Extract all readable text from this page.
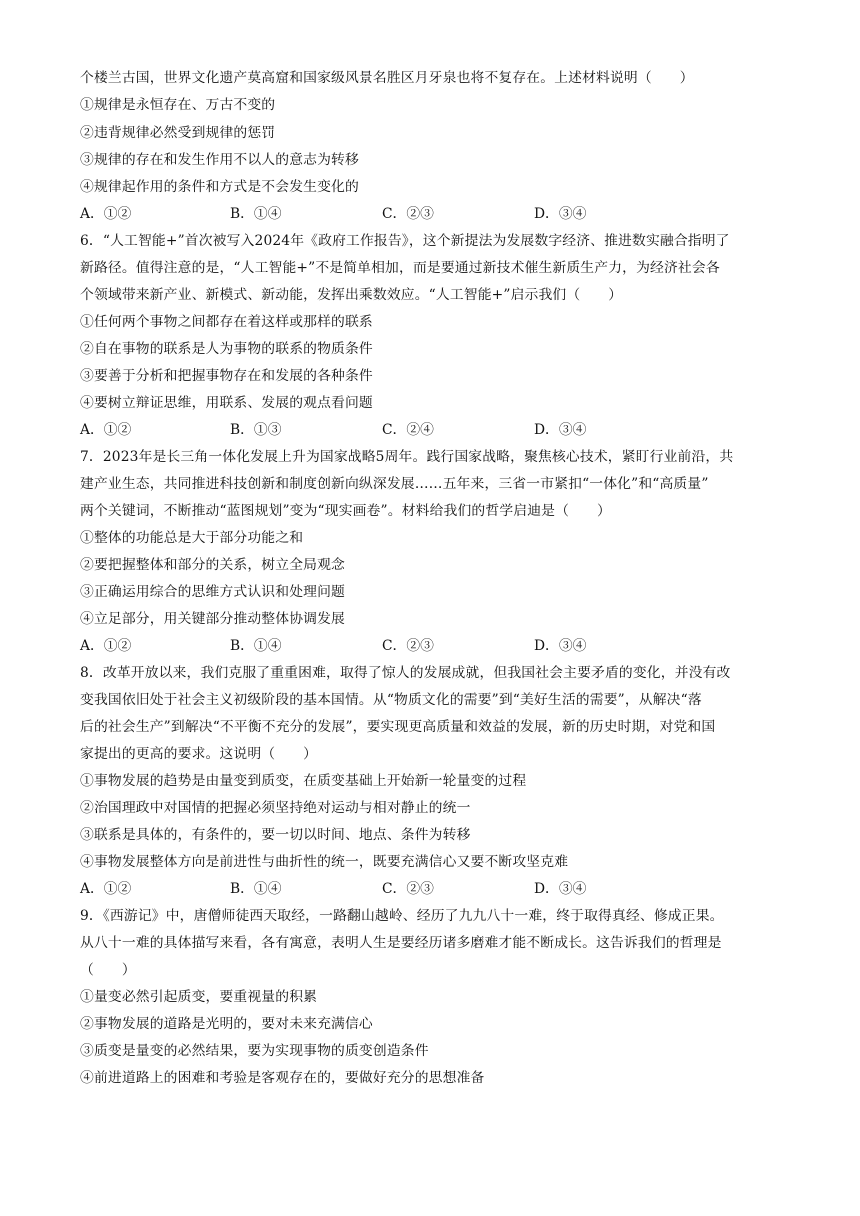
个楼兰古国，世界文化遗产莫高窟和国家级风景名胜区月牙泉也将不复存在。上述材料说明（　　）
①规律是永恒存在、万古不变的
②违背规律必然受到规律的惩罚
③规律的存在和发生作用不以人的意志为转移
④规律起作用的条件和方式是不会发生变化的
A．①②	B．①④	C．②③	D．③④
6．“人工智能+”首次被写入2024年《政府工作报告》，这个新提法为发展数字经济、推进数实融合指明了
新路径。值得注意的是，“人工智能+”不是简单相加，而是要通过新技术催生新质生产力，为经济社会各
个领域带来新产业、新模式、新动能，发挥出乘数效应。“人工智能+”启示我们（　　）
①任何两个事物之间都存在着这样或那样的联系
②自在事物的联系是人为事物的联系的物质条件
③要善于分析和把握事物存在和发展的各种条件
④要树立辩证思维，用联系、发展的观点看问题
A．①②	B．①③	C．②④	D．③④
7．2023年是长三角一体化发展上升为国家战略5周年。践行国家战略，聚焦核心技术，紧盯行业前沿，共
建产业生态，共同推进科技创新和制度创新向纵深发展……五年来，三省一市紧扣“一体化”和“高质量”
两个关键词，不断推动“蓝图规划”变为“现实画卷”。材料给我们的哲学启迪是（　　）
①整体的功能总是大于部分功能之和
②要把握整体和部分的关系，树立全局观念
③正确运用综合的思维方式认识和处理问题
④立足部分，用关键部分推动整体协调发展
A．①②	B．①④	C．②③	D．③④
8．改革开放以来，我们克服了重重困难，取得了惊人的发展成就，但我国社会主要矛盾的变化，并没有改
变我国依旧处于社会主义初级阶段的基本国情。从“物质文化的需要”到“美好生活的需要”，从解决“落
后的社会生产”到解决“不平衡不充分的发展”，要实现更高质量和效益的发展，新的历史时期，对党和国
家提出的更高的要求。这说明（　　）
①事物发展的趋势是由量变到质变，在质变基础上开始新一轮量变的过程
②治国理政中对国情的把握必须坚持绝对运动与相对静止的统一
③联系是具体的，有条件的，要一切以时间、地点、条件为转移
④事物发展整体方向是前进性与曲折性的统一，既要充满信心又要不断攻坚克难
A．①②	B．①④	C．②③	D．③④
9．《西游记》中，唐僧师徒西天取经，一路翻山越岭、经历了九九八十一难，终于取得真经、修成正果。
从八十一难的具体描写来看，各有寓意，表明人生是要经历诸多磨难才能不断成长。这告诉我们的哲理是
（　　）
①量变必然引起质变，要重视量的积累
②事物发展的道路是光明的，要对未来充满信心
③质变是量变的必然结果，要为实现事物的质变创造条件
④前进道路上的困难和考验是客观存在的，要做好充分的思想准备
